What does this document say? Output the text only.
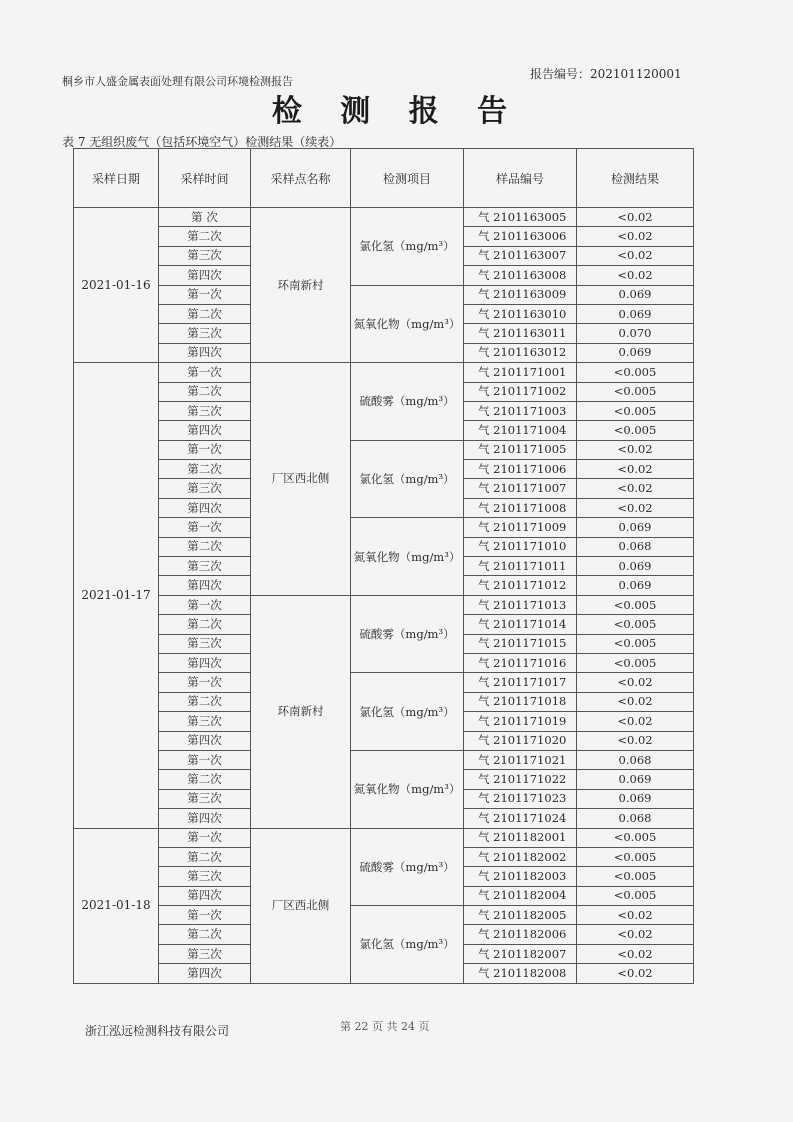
桐乡市人盛金属表面处理有限公司环境检测报告
报告编号：202101120001
检 测 报 告
表 7 无组织废气（包括环境空气）检测结果（续表）
采样日期	采样时间	采样点名称	检测项目	样品编号	检测结果
2021-01-16	第 次	环南新村	氯化氢（mg/m³）	气 2101163005	<0.02
	第二次			气 2101163006	<0.02
	第三次			气 2101163007	<0.02
	第四次			气 2101163008	<0.02
	第一次		氮氧化物（mg/m³）	气 2101163009	0.069
	第二次			气 2101163010	0.069
	第三次			气 2101163011	0.070
	第四次			气 2101163012	0.069
2021-01-17	第一次	厂区西北侧	硫酸雾（mg/m³）	气 2101171001	<0.005
	第二次			气 2101171002	<0.005
	第三次			气 2101171003	<0.005
	第四次			气 2101171004	<0.005
	第一次		氯化氢（mg/m³）	气 2101171005	<0.02
	第二次			气 2101171006	<0.02
	第三次			气 2101171007	<0.02
	第四次			气 2101171008	<0.02
	第一次		氮氧化物（mg/m³）	气 2101171009	0.069
	第二次			气 2101171010	0.068
	第三次			气 2101171011	0.069
	第四次			气 2101171012	0.069
	第一次	环南新村	硫酸雾（mg/m³）	气 2101171013	<0.005
	第二次			气 2101171014	<0.005
	第三次			气 2101171015	<0.005
	第四次			气 2101171016	<0.005
	第一次		氯化氢（mg/m³）	气 2101171017	<0.02
	第二次			气 2101171018	<0.02
	第三次			气 2101171019	<0.02
	第四次			气 2101171020	<0.02
	第一次		氮氧化物（mg/m³）	气 2101171021	0.068
	第二次			气 2101171022	0.069
	第三次			气 2101171023	0.069
	第四次			气 2101171024	0.068
2021-01-18	第一次	厂区西北侧	硫酸雾（mg/m³）	气 2101182001	<0.005
	第二次			气 2101182002	<0.005
	第三次			气 2101182003	<0.005
	第四次			气 2101182004	<0.005
	第一次		氯化氢（mg/m³）	气 2101182005	<0.02
	第二次			气 2101182006	<0.02
	第三次			气 2101182007	<0.02
	第四次			气 2101182008	<0.02
浙江泓远检测科技有限公司	第 22 页 共 24 页
